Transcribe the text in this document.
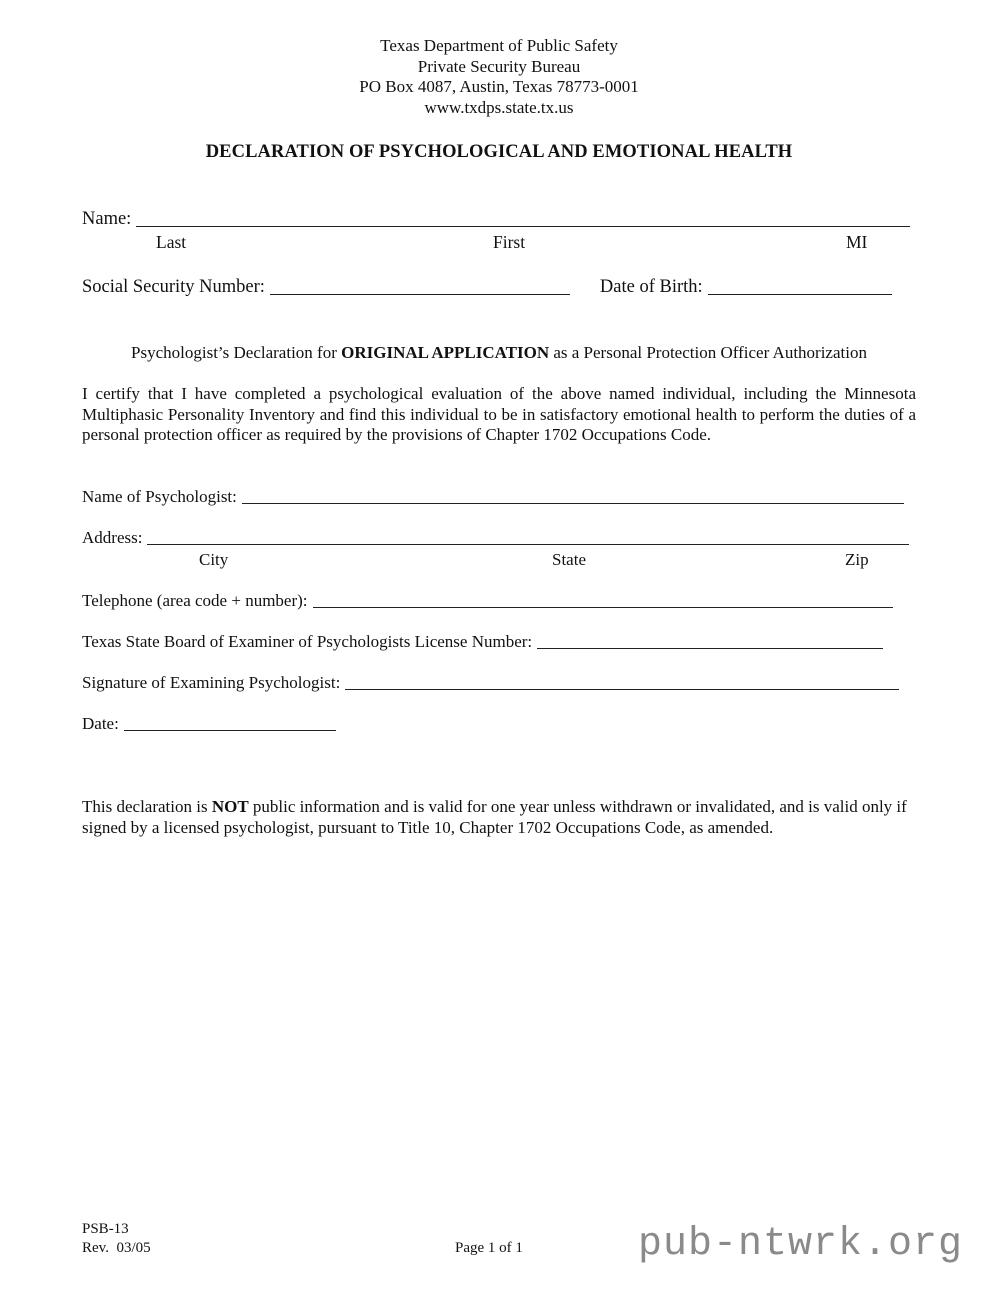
Texas Department of Public Safety
Private Security Bureau
PO Box 4087, Austin, Texas 78773-0001
www.txdps.state.tx.us
DECLARATION OF PSYCHOLOGICAL AND EMOTIONAL HEALTH
Name:
Last	First	MI
Social Security Number:	Date of Birth:
Psychologist’s Declaration for ORIGINAL APPLICATION as a Personal Protection Officer Authorization
I certify that I have completed a psychological evaluation of the above named individual, including the Minnesota Multiphasic Personality Inventory and find this individual to be in satisfactory emotional health to perform the duties of a personal protection officer as required by the provisions of Chapter 1702 Occupations Code.
Name of Psychologist:
Address:
City	State	Zip
Telephone (area code + number):
Texas State Board of Examiner of Psychologists License Number:
Signature of Examining Psychologist:
Date:
This declaration is NOT public information and is valid for one year unless withdrawn or invalidated, and is valid only if signed by a licensed psychologist, pursuant to Title 10, Chapter 1702 Occupations Code, as amended.
PSB-13
Rev.  03/05	Page 1 of 1	pub-ntwrk.org
